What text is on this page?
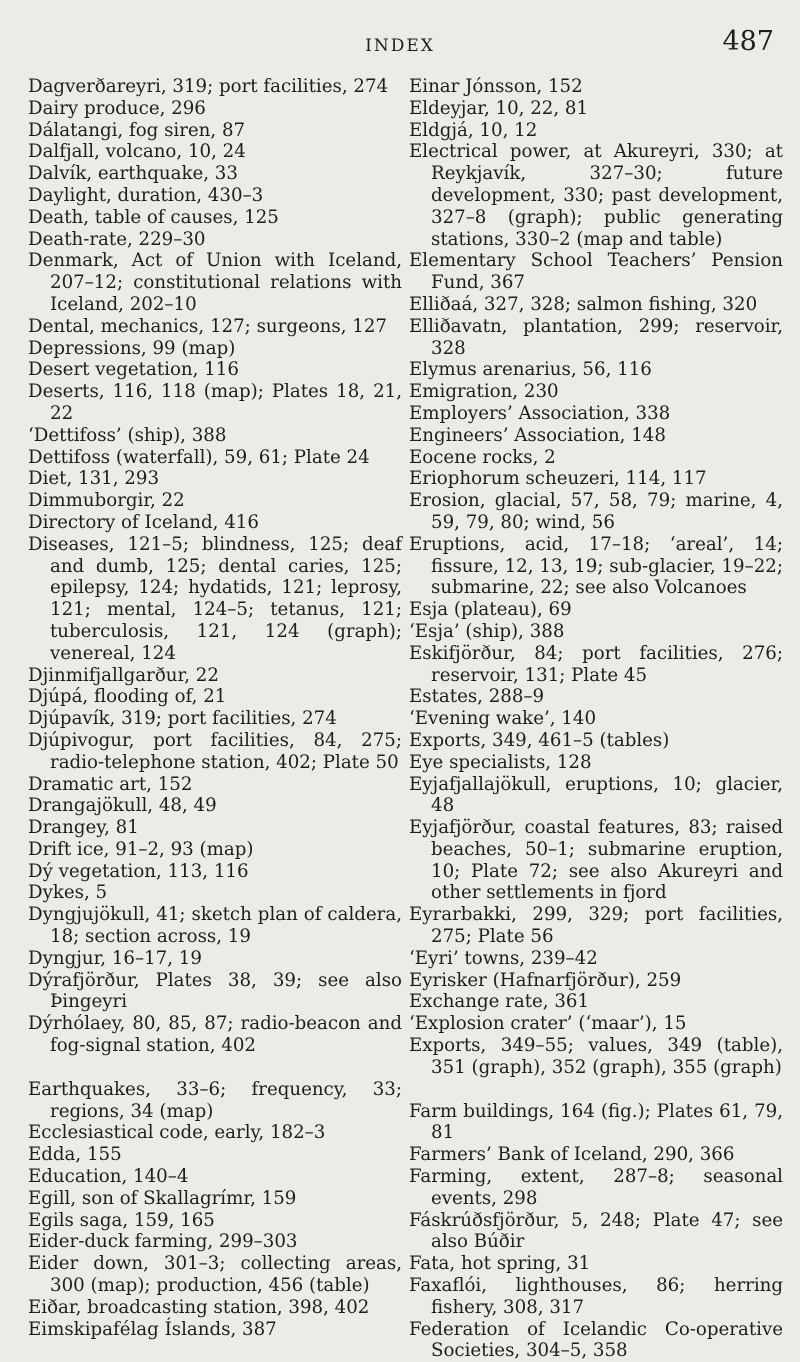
INDEX	487

Dagverðareyri, 319; port facilities, 274

Dairy produce, 296

Dálatangi, fog siren, 87

Dalfjall, volcano, 10, 24

Dalvík, earthquake, 33

Daylight, duration, 430–3

Death, table of causes, 125

Death-rate, 229–30

Denmark, Act of Union with Iceland, 207–12; constitutional relations with Iceland, 202–10

Dental, mechanics, 127; surgeons, 127

Depressions, 99 (map)

Desert vegetation, 116

Deserts, 116, 118 (map); Plates 18, 21, 22

‘Dettifoss’ (ship), 388

Dettifoss (waterfall), 59, 61; Plate 24

Diet, 131, 293

Dimmuborgir, 22

Directory of Iceland, 416

Diseases, 121–5; blindness, 125; deaf and dumb, 125; dental caries, 125; epilepsy, 124; hydatids, 121; leprosy, 121; mental, 124–5; tetanus, 121; tuberculosis, 121, 124 (graph); venereal, 124

Djinmifjallgarður, 22

Djúpá, flooding of, 21

Djúpavík, 319; port facilities, 274

Djúpivogur, port facilities, 84, 275; radio-telephone station, 402; Plate 50

Dramatic art, 152

Drangajökull, 48, 49

Drangey, 81

Drift ice, 91–2, 93 (map)

Dý vegetation, 113, 116

Dykes, 5

Dyngjujökull, 41; sketch plan of caldera, 18; section across, 19

Dyngjur, 16–17, 19

Dýrafjörður, Plates 38, 39; see also Þingeyri

Dýrhólaey, 80, 85, 87; radio-beacon and fog-signal station, 402

Earthquakes, 33–6; frequency, 33; regions, 34 (map)

Ecclesiastical code, early, 182–3

Edda, 155

Education, 140–4

Egill, son of Skallagrímr, 159

Egils saga, 159, 165

Eider-duck farming, 299–303

Eider down, 301–3; collecting areas, 300 (map); production, 456 (table)

Eiðar, broadcasting station, 398, 402

Eimskipafélag Íslands, 387

Einar Jónsson, 152

Eldeyjar, 10, 22, 81

Eldgjá, 10, 12

Electrical power, at Akureyri, 330; at Reykjavík, 327–30; future development, 330; past development, 327–8 (graph); public generating stations, 330–2 (map and table)

Elementary School Teachers’ Pension Fund, 367

Elliðaá, 327, 328; salmon fishing, 320

Elliðavatn, plantation, 299; reservoir, 328

Elymus arenarius, 56, 116

Emigration, 230

Employers’ Association, 338

Engineers’ Association, 148

Eocene rocks, 2

Eriophorum scheuzeri, 114, 117

Erosion, glacial, 57, 58, 79; marine, 4, 59, 79, 80; wind, 56

Eruptions, acid, 17–18; ‘areal’, 14; fissure, 12, 13, 19; sub-glacier, 19–22; submarine, 22; see also Volcanoes

Esja (plateau), 69

‘Esja’ (ship), 388

Eskifjörður, 84; port facilities, 276; reservoir, 131; Plate 45

Estates, 288–9

‘Evening wake’, 140

Exports, 349, 461–5 (tables)

Eye specialists, 128

Eyjafjallajökull, eruptions, 10; glacier, 48

Eyjafjörður, coastal features, 83; raised beaches, 50–1; submarine eruption, 10; Plate 72; see also Akureyri and other settlements in fjord

Eyrarbakki, 299, 329; port facilities, 275; Plate 56

‘Eyri’ towns, 239–42

Eyrisker (Hafnarfjörður), 259

Exchange rate, 361

‘Explosion crater’ (‘maar’), 15

Exports, 349–55; values, 349 (table), 351 (graph), 352 (graph), 355 (graph)

Farm buildings, 164 (fig.); Plates 61, 79, 81

Farmers’ Bank of Iceland, 290, 366

Farming, extent, 287–8; seasonal events, 298

Fáskrúðsfjörður, 5, 248; Plate 47; see also Búðir

Fata, hot spring, 31

Faxaflói, lighthouses, 86; herring fishery, 308, 317

Federation of Icelandic Co-operative Societies, 304–5, 358
